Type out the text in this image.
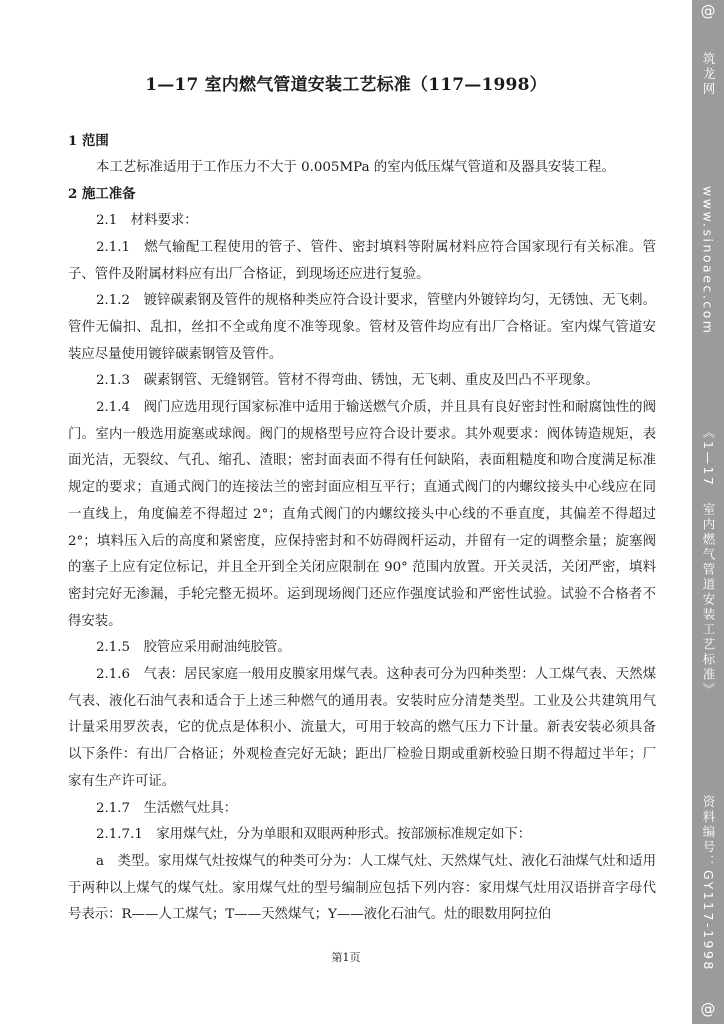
1—17 室内燃气管道安装工艺标准（117—1998）

1 范围

本工艺标准适用于工作压力不大于 0.005MPa 的室内低压煤气管道和及器具安装工程。

2 施工准备

2.1　材料要求：

2.1.1　燃气输配工程使用的管子、管件、密封填料等附属材料应符合国家现行有关标准。管子、管件及附属材料应有出厂合格证，到现场还应进行复验。

2.1.2　镀锌碳素钢及管件的规格种类应符合设计要求，管壁内外镀锌均匀，无锈蚀、无飞刺。管件无偏扣、乱扣，丝扣不全或角度不准等现象。管材及管件均应有出厂合格证。室内煤气管道安装应尽量使用镀锌碳素钢管及管件。

2.1.3　碳素钢管、无缝钢管。管材不得弯曲、锈蚀，无飞刺、重皮及凹凸不平现象。

2.1.4　阀门应选用现行国家标准中适用于输送燃气介质，并且具有良好密封性和耐腐蚀性的阀门。室内一般选用旋塞或球阀。阀门的规格型号应符合设计要求。其外观要求：阀体铸造规矩，表面光洁，无裂纹、气孔、缩孔、渣眼；密封面表面不得有任何缺陷，表面粗糙度和吻合度满足标准规定的要求；直通式阀门的连接法兰的密封面应相互平行；直通式阀门的内螺纹接头中心线应在同一直线上，角度偏差不得超过 2°；直角式阀门的内螺纹接头中心线的不垂直度，其偏差不得超过 2°；填料压入后的高度和紧密度，应保持密封和不妨碍阀杆运动，并留有一定的调整余量；旋塞阀的塞子上应有定位标记，并且全开到全关闭应限制在 90° 范围内放置。开关灵活，关闭严密，填料密封完好无渗漏，手轮完整无损坏。运到现场阀门还应作强度试验和严密性试验。试验不合格者不得安装。

2.1.5　胶管应采用耐油纯胶管。

2.1.6　气表：居民家庭一般用皮膜家用煤气表。这种表可分为四种类型：人工煤气表、天然煤气表、液化石油气表和适合于上述三种燃气的通用表。安装时应分清楚类型。工业及公共建筑用气计量采用罗茨表，它的优点是体积小、流量大，可用于较高的燃气压力下计量。新表安装必须具备以下条件：有出厂合格证；外观检查完好无缺；距出厂检验日期或重新校验日期不得超过半年；厂家有生产许可证。

2.1.7　生活燃气灶具：

2.1.7.1　家用煤气灶，分为单眼和双眼两种形式。按部颁标准规定如下：

a　类型。家用煤气灶按煤气的种类可分为：人工煤气灶、天然煤气灶、液化石油煤气灶和适用于两种以上煤气的煤气灶。家用煤气灶的型号编制应包括下列内容：家用煤气灶用汉语拼音字母代号表示：R——人工煤气；T——天然煤气；Y——液化石油气。灶的眼数用阿拉伯

第1页
@
筑龙网
www.sinoaec.com
《1—17　室内燃气管道安装工艺标准》
资料编号：GY117-1998
@
